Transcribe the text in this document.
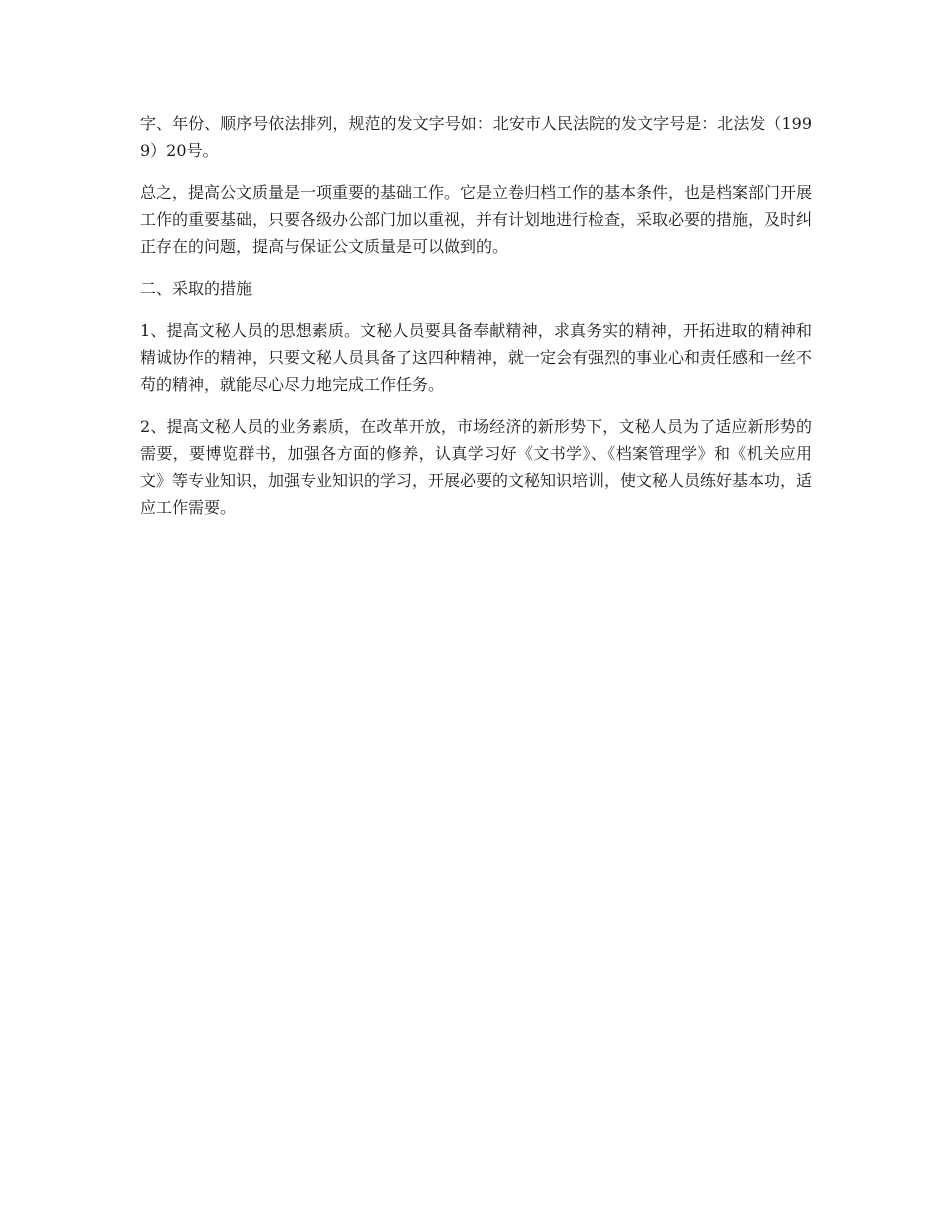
字、年份、顺序号依法排列，规范的发文字号如：北安市人民法院的发文字号是：北法发（1999）20号。

总之，提高公文质量是一项重要的基础工作。它是立卷归档工作的基本条件，也是档案部门开展工作的重要基础，只要各级办公部门加以重视，并有计划地进行检查，采取必要的措施，及时纠正存在的问题，提高与保证公文质量是可以做到的。

二、采取的措施

1、提高文秘人员的思想素质。文秘人员要具备奉献精神，求真务实的精神，开拓进取的精神和精诚协作的精神，只要文秘人员具备了这四种精神，就一定会有强烈的事业心和责任感和一丝不苟的精神，就能尽心尽力地完成工作任务。

2、提高文秘人员的业务素质，在改革开放，市场经济的新形势下，文秘人员为了适应新形势的需要，要博览群书，加强各方面的修养，认真学习好《文书学》、《档案管理学》和《机关应用文》等专业知识，加强专业知识的学习，开展必要的文秘知识培训，使文秘人员练好基本功，适应工作需要。
